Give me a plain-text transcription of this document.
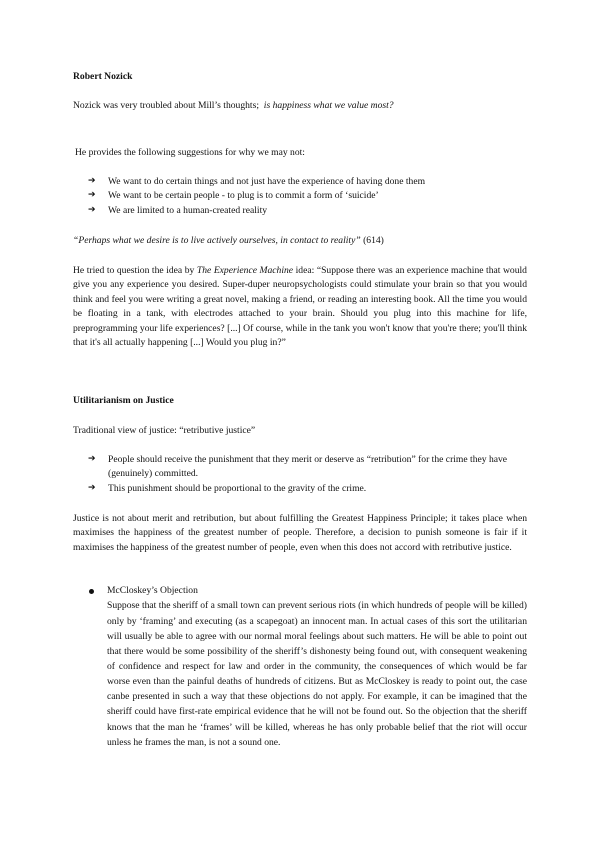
Robert Nozick

Nozick was very troubled about Mill’s thoughts; is happiness what we value most?

He provides the following suggestions for why we may not:

➔ We want to do certain things and not just have the experience of having done them
➔ We want to be certain people - to plug is to commit a form of ‘suicide’
➔ We are limited to a human-created reality

“Perhaps what we desire is to live actively ourselves, in contact to reality” (614)

He tried to question the idea by The Experience Machine idea: “Suppose there was an experience machine that would give you any experience you desired. Super-duper neuropsychologists could stimulate your brain so that you would think and feel you were writing a great novel, making a friend, or reading an interesting book. All the time you would be floating in a tank, with electrodes attached to your brain. Should you plug into this machine for life, preprogramming your life experiences? [...] Of course, while in the tank you won't know that you're there; you'll think that it's all actually happening [...] Would you plug in?”

Utilitarianism on Justice

Traditional view of justice: “retributive justice”

➔ People should receive the punishment that they merit or deserve as “retribution” for the crime they have (genuinely) committed.
➔ This punishment should be proportional to the gravity of the crime.

Justice is not about merit and retribution, but about fulfilling the Greatest Happiness Principle; it takes place when maximises the happiness of the greatest number of people. Therefore, a decision to punish someone is fair if it maximises the happiness of the greatest number of people, even when this does not accord with retributive justice.

McCloskey’s Objection
Suppose that the sheriff of a small town can prevent serious riots (in which hundreds of people will be killed) only by ‘framing’ and executing (as a scapegoat) an innocent man. In actual cases of this sort the utilitarian will usually be able to agree with our normal moral feelings about such matters. He will be able to point out that there would be some possibility of the sheriff’s dishonesty being found out, with consequent weakening of confidence and respect for law and order in the community, the consequences of which would be far worse even than the painful deaths of hundreds of citizens. But as McCloskey is ready to point out, the case canbe presented in such a way that these objections do not apply. For example, it can be imagined that the sheriff could have first-rate empirical evidence that he will not be found out. So the objection that the sheriff knows that the man he ‘frames’ will be killed, whereas he has only probable belief that the riot will occur unless he frames the man, is not a sound one.
